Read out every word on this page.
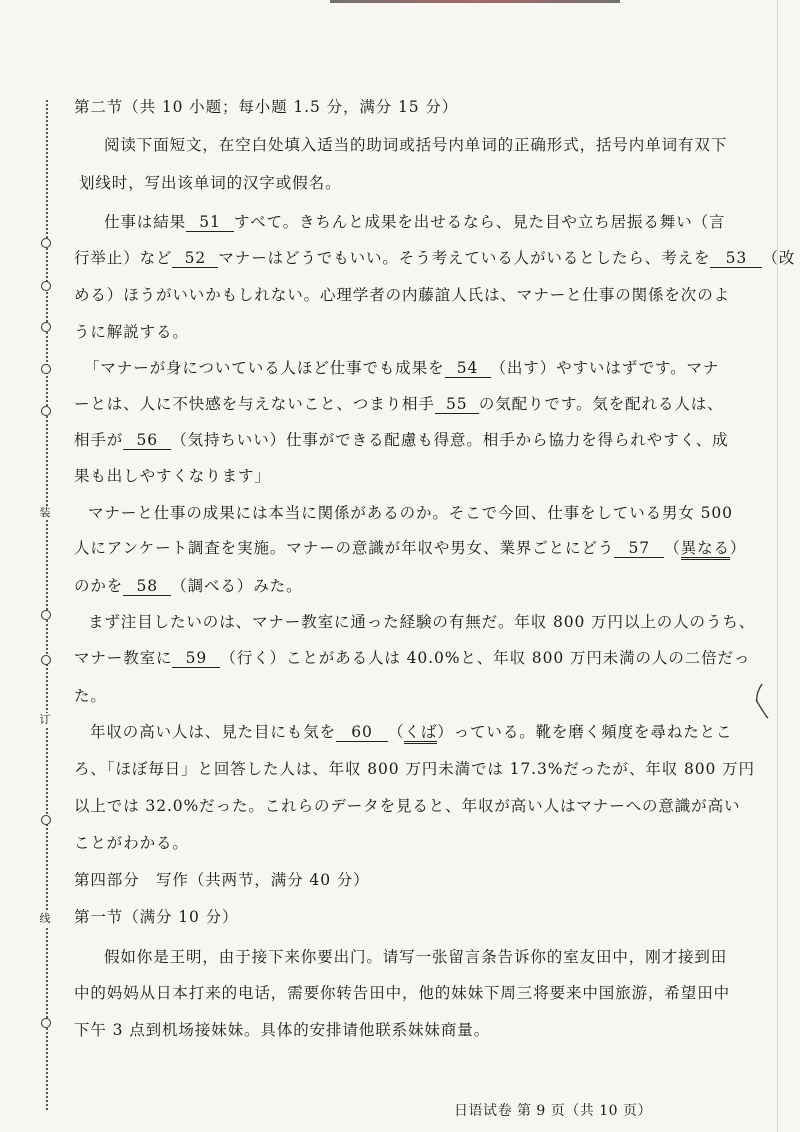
装
订
线
第二节（共 10 小题；每小题 1.5 分，满分 15 分）
阅读下面短文，在空白处填入适当的助词或括号内单词的正确形式，括号内单词有双下
划线时，写出该单词的汉字或假名。
仕事は結果 51 すべて。きちんと成果を出せるなら、見た目や立ち居振る舞い（言
行举止）など 52 マナーはどうでもいい。そう考えている人がいるとしたら、考えを 53 （改
める）ほうがいいかもしれない。心理学者の内藤誼人氏は、マナーと仕事の関係を次のよ
うに解説する。
「マナーが身についている人ほど仕事でも成果を 54 （出す）やすいはずです。マナ
ーとは、人に不快感を与えないこと、つまり相手 55 の気配りです。気を配れる人は、
相手が 56 （気持ちいい）仕事ができる配慮も得意。相手から協力を得られやすく、成
果も出しやすくなります」
マナーと仕事の成果には本当に関係があるのか。そこで今回、仕事をしている男女 500
人にアンケート調査を実施。マナーの意識が年収や男女、業界ごとにどう 57 （異なる）
のかを 58 （調べる）みた。
まず注目したいのは、マナー教室に通った経験の有無だ。年収 800 万円以上の人のうち、
マナー教室に 59 （行く）ことがある人は 40.0%と、年収 800 万円未満の人の二倍だっ
た。
年収の高い人は、見た目にも気を 60 （くば）っている。靴を磨く頻度を尋ねたとこ
ろ、「ほぼ毎日」と回答した人は、年収 800 万円未満では 17.3%だったが、年収 800 万円
以上では 32.0%だった。これらのデータを見ると、年収が高い人はマナーへの意識が高い
ことがわかる。
第四部分　写作（共两节，满分 40 分）
第一节（满分 10 分）
假如你是王明，由于接下来你要出门。请写一张留言条告诉你的室友田中，刚才接到田
中的妈妈从日本打来的电话，需要你转告田中，他的妹妹下周三将要来中国旅游，希望田中
下午 3 点到机场接妹妹。具体的安排请他联系妹妹商量。
日语试卷 第 9 页（共 10 页）
